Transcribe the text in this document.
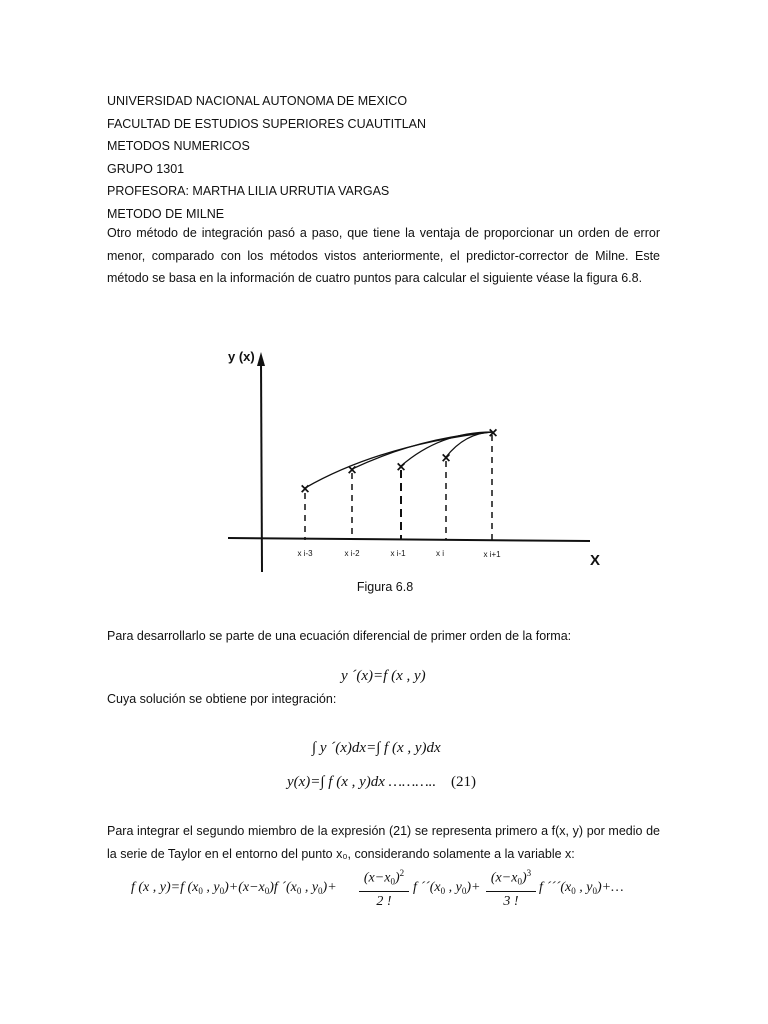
UNIVERSIDAD NACIONAL AUTONOMA DE MEXICO
FACULTAD DE ESTUDIOS SUPERIORES CUAUTITLAN
METODOS NUMERICOS
GRUPO 1301
PROFESORA: MARTHA LILIA URRUTIA VARGAS
METODO DE MILNE
Otro método de integración pasó a paso, que tiene la ventaja de proporcionar un orden de error menor, comparado con los métodos vistos anteriormente, el predictor-corrector de Milne. Este método se basa en la información de cuatro puntos para calcular el siguiente véase la figura 6.8.
y (x)
X
×
× ×
×
×
x i-3	x i-2	x i-1	x i	x i+1
Figura 6.8
Para desarrollarlo se parte de una ecuación diferencial de primer orden de la forma:
Cuya solución se obtiene por integración:
Para integrar el segundo miembro de la expresión (21) se representa primero a f(x, y) por medio de la serie de Taylor en el entorno del punto x₀, considerando solamente a la variable x:
y ´(x)=f (x , y)
∫ y ´(x)dx=∫ f (x , y)dx
y(x)=∫ f (x , y)dx ……….. (21)
f (x , y)=f ($x_0$ , $y_0)+(x-x_0)f$ $´(x_0$ , $y_0)+$
$(x-x_0)^2$
2 !
f $´´(x_0$ , $y_0)+$
$(x-x_0)^3$
3 !
f $´´´(x_0$ , $y_0)+\dots$
